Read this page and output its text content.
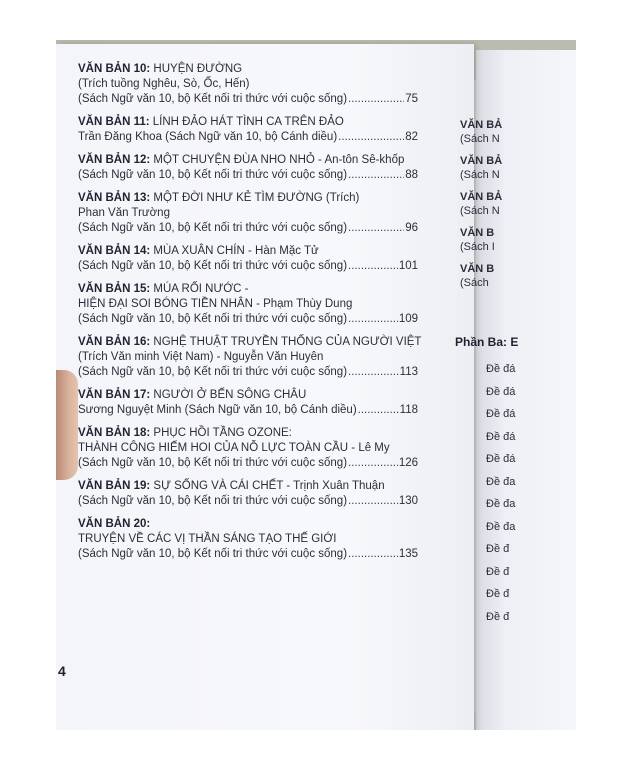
VĂN BẢN 10: HUYỆN ĐƯỜNG
(Trích tuồng Nghêu, Sò, Ốc, Hến)
(Sách Ngữ văn 10, bộ Kết nối tri thức với cuộc sống) .....	75
VĂN BẢN 11: LÍNH ĐẢO HÁT TÌNH CA TRÊN ĐẢO
Trần Đăng Khoa (Sách Ngữ văn 10, bộ Cánh diều) .....	82
VĂN BẢN 12: MỘT CHUYỆN ĐÙA NHO NHỎ - An-tôn Sê-khốp
(Sách Ngữ văn 10, bộ Kết nối tri thức với cuộc sống) .....	88
VĂN BẢN 13: MỘT ĐỜI NHƯ KẺ TÌM ĐƯỜNG (Trích)
Phan Văn Trường
(Sách Ngữ văn 10, bộ Kết nối tri thức với cuộc sống) .....	96
VĂN BẢN 14: MÙA XUÂN CHÍN - Hàn Mặc Tử
(Sách Ngữ văn 10, bộ Kết nối tri thức với cuộc sống) .....	101
VĂN BẢN 15: MÚA RỐI NƯỚC -
HIỆN ĐẠI SOI BÓNG TIỀN NHÂN - Phạm Thùy Dung
(Sách Ngữ văn 10, bộ Kết nối tri thức với cuộc sống) .....	109
VĂN BẢN 16: NGHỆ THUẬT TRUYỀN THỐNG CỦA NGƯỜI VIỆT
(Trích Văn minh Việt Nam) - Nguyễn Văn Huyên
(Sách Ngữ văn 10, bộ Kết nối tri thức với cuộc sống) .....	113
VĂN BẢN 17: NGƯỜI Ở BẾN SÔNG CHÂU
Sương Nguyệt Minh (Sách Ngữ văn 10, bộ Cánh diều) .....	118
VĂN BẢN 18: PHỤC HỒI TẦNG OZONE:
THÀNH CÔNG HIẾM HOI CỦA NỖ LỰC TOÀN CẦU - Lê My
(Sách Ngữ văn 10, bộ Kết nối tri thức với cuộc sống) .....	126
VĂN BẢN 19: SỰ SỐNG VÀ CÁI CHẾT - Trịnh Xuân Thuận
(Sách Ngữ văn 10, bộ Kết nối tri thức với cuộc sống) .....	130
VĂN BẢN 20:
TRUYỆN VỀ CÁC VỊ THẦN SÁNG TẠO THẾ GIỚI
(Sách Ngữ văn 10, bộ Kết nối tri thức với cuộc sống) .....	135
4
VĂN BẢ
(Sách N
VĂN BẢ
(Sách N
VĂN BẢ
(Sách N
VĂN B
(Sách I
VĂN B
(Sách
Phần Ba: E
Đề đá
Đề đá
Đề đá
Đề đá
Đề đá
Đề đa
Đề đa
Đề đa
Đề đ
Đề đ
Đề đ
Đề đ
